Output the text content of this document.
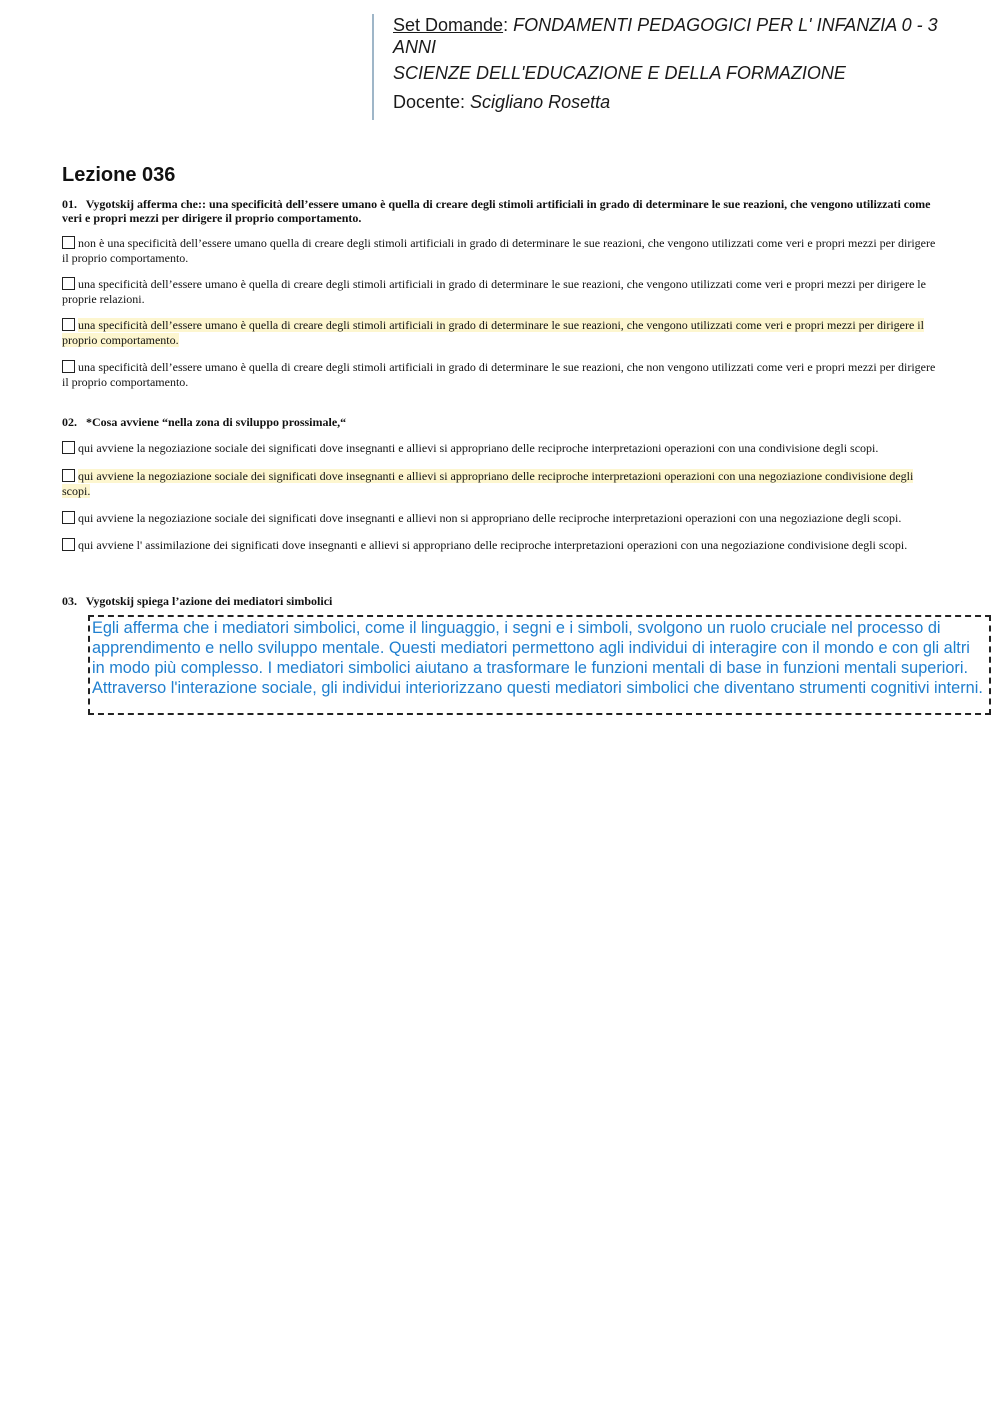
Set Domande: FONDAMENTI PEDAGOGICI PER L' INFANZIA 0 - 3 ANNI
SCIENZE DELL'EDUCAZIONE E DELLA FORMAZIONE
Docente: Scigliano Rosetta
Lezione 036
01. Vygotskij afferma che:: una specificità dell’essere umano è quella di creare degli stimoli artificiali in grado di determinare le sue reazioni, che vengono utilizzati come veri e propri mezzi per dirigere il proprio comportamento.
non è una specificità dell’essere umano quella di creare degli stimoli artificiali in grado di determinare le sue reazioni, che vengono utilizzati come veri e propri mezzi per dirigere il proprio comportamento.
una specificità dell’essere umano è quella di creare degli stimoli artificiali in grado di determinare le sue reazioni, che vengono utilizzati come veri e propri mezzi per dirigere le proprie relazioni.
una specificità dell’essere umano è quella di creare degli stimoli artificiali in grado di determinare le sue reazioni, che vengono utilizzati come veri e propri mezzi per dirigere il proprio comportamento.
una specificità dell’essere umano è quella di creare degli stimoli artificiali in grado di determinare le sue reazioni, che non vengono utilizzati come veri e propri mezzi per dirigere il proprio comportamento.
02. *Cosa avviene “nella zona di sviluppo prossimale,“
qui avviene la negoziazione sociale dei significati dove insegnanti e allievi si appropriano delle reciproche interpretazioni operazioni con una condivisione degli scopi.
qui avviene la negoziazione sociale dei significati dove insegnanti e allievi si appropriano delle reciproche interpretazioni operazioni con una negoziazione condivisione degli scopi.
qui avviene la negoziazione sociale dei significati dove insegnanti e allievi non si appropriano delle reciproche interpretazioni operazioni con una negoziazione degli scopi.
qui avviene l' assimilazione dei significati dove insegnanti e allievi si appropriano delle reciproche interpretazioni operazioni con una negoziazione condivisione degli scopi.
03. Vygotskij spiega l’azione dei mediatori simbolici
Egli afferma che i mediatori simbolici, come il linguaggio, i segni e i simboli, svolgono un ruolo cruciale nel processo di apprendimento e nello sviluppo mentale. Questi mediatori permettono agli individui di interagire con il mondo e con gli altri in modo più complesso. I mediatori simbolici aiutano a trasformare le funzioni mentali di base in funzioni mentali superiori. Attraverso l'interazione sociale, gli individui interiorizzano questi mediatori simbolici che diventano strumenti cognitivi interni.
